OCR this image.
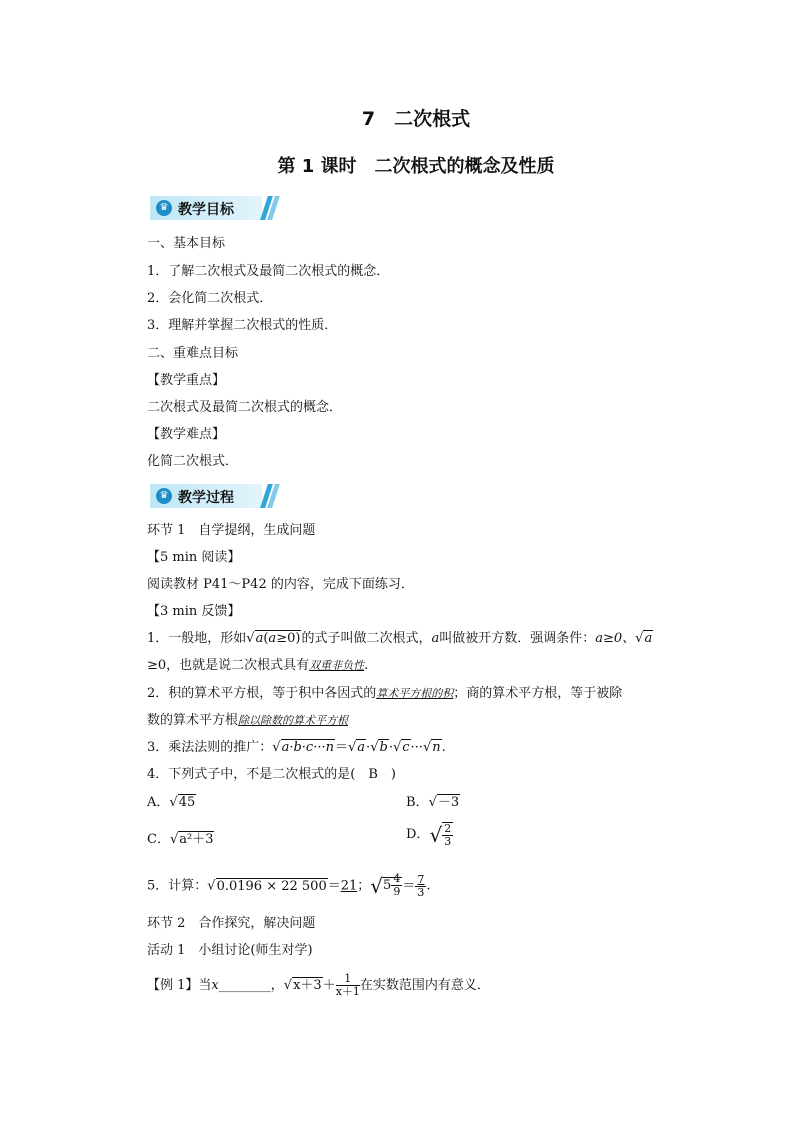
7　二次根式
第 1 课时　二次根式的概念及性质
♛ 教学目标
一、基本目标
1．了解二次根式及最简二次根式的概念．
2．会化简二次根式．
3．理解并掌握二次根式的性质．
二、重难点目标
【教学重点】
二次根式及最简二次根式的概念．
【教学难点】
化简二次根式．
♛ 教学过程
环节 1　自学提纲，生成问题
【5 min 阅读】
阅读教材 P41～P42 的内容，完成下面练习．
【3 min 反馈】
1．一般地，形如√a(a≥0)的式子叫做二次根式，a叫做被开方数．强调条件：a≥0、√a
≥0，也就是说二次根式具有双重非负性.
2．积的算术平方根，等于积中各因式的算术平方根的积；商的算术平方根，等于被除
数的算术平方根除以除数的算术平方根
3．乘法法则的推广：√a·b·c···n＝√a·√b·√c···√n.
4．下列式子中，不是二次根式的是(　B　)
A．√45	B．√－3
C．√a²＋3	D．√ $\frac{2}{3}$
5．计算：√0.0196 × 22 500＝21；$√5 \frac{4}{9} = \frac{7}{3}$ .
环节 2　合作探究，解决问题
活动 1　小组讨论(师生对学)
【例 1】当x________，$√x+3+ \frac{1}{x+1}$ 在实数范围内有意义．
